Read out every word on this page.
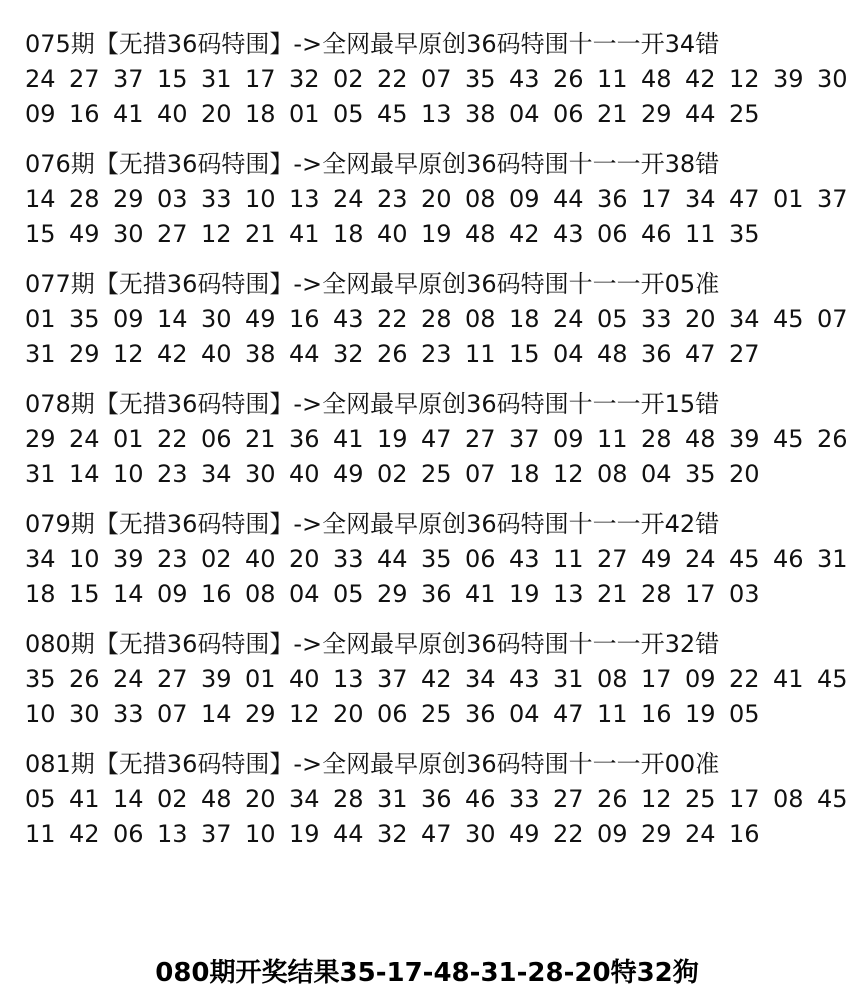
075期【无措36码特围】->全网最早原创36码特围十一一开34错
24 27 37 15 31 17 32 02 22 07 35 43 26 11 48 42 12 39 30
09 16 41 40 20 18 01 05 45 13 38 04 06 21 29 44 25
076期【无措36码特围】->全网最早原创36码特围十一一开38错
14 28 29 03 33 10 13 24 23 20 08 09 44 36 17 34 47 01 37
15 49 30 27 12 21 41 18 40 19 48 42 43 06 46 11 35
077期【无措36码特围】->全网最早原创36码特围十一一开05准
01 35 09 14 30 49 16 43 22 28 08 18 24 05 33 20 34 45 07
31 29 12 42 40 38 44 32 26 23 11 15 04 48 36 47 27
078期【无措36码特围】->全网最早原创36码特围十一一开15错
29 24 01 22 06 21 36 41 19 47 27 37 09 11 28 48 39 45 26
31 14 10 23 34 30 40 49 02 25 07 18 12 08 04 35 20
079期【无措36码特围】->全网最早原创36码特围十一一开42错
34 10 39 23 02 40 20 33 44 35 06 43 11 27 49 24 45 46 31
18 15 14 09 16 08 04 05 29 36 41 19 13 21 28 17 03
080期【无措36码特围】->全网最早原创36码特围十一一开32错
35 26 24 27 39 01 40 13 37 42 34 43 31 08 17 09 22 41 45
10 30 33 07 14 29 12 20 06 25 36 04 47 11 16 19 05
081期【无措36码特围】->全网最早原创36码特围十一一开00准
05 41 14 02 48 20 34 28 31 36 46 33 27 26 12 25 17 08 45
11 42 06 13 37 10 19 44 32 47 30 49 22 09 29 24 16
080期开奖结果35-17-48-31-28-20特32狗
